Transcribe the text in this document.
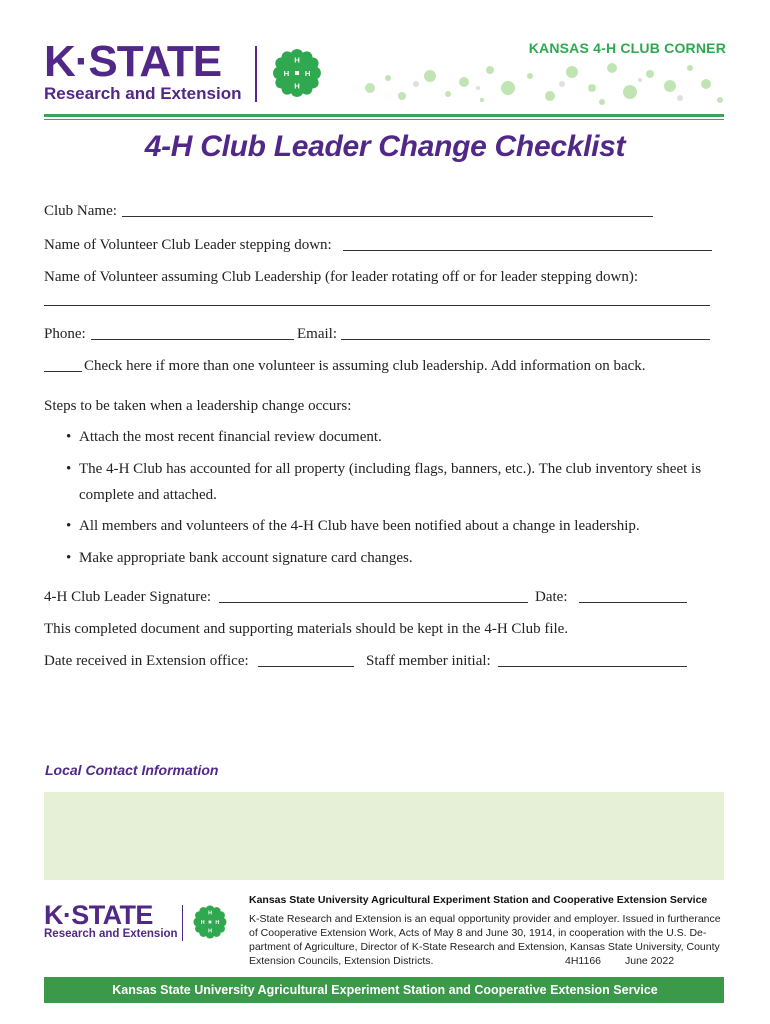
K·STATE
Research and Extension
H
H
H
H
KANSAS 4-H CLUB CORNER
4-H Club Leader Change Checklist
Club Name:
Name of Volunteer Club Leader stepping down:
Name of Volunteer assuming Club Leadership (for leader rotating off or for leader stepping down):
Phone:	Email:
Check here if more than one volunteer is assuming club leadership. Add information on back.
Steps to be taken when a leadership change occurs:
• Attach the most recent financial review document.
• The 4-H Club has accounted for all property (including flags, banners, etc.). The club inventory sheet is
complete and attached.
• All members and volunteers of the 4-H Club have been notified about a change in leadership.
• Make appropriate bank account signature card changes.
4-H Club Leader Signature:	Date:
This completed document and supporting materials should be kept in the 4-H Club file.
Date received in Extension office:	Staff member initial:
Local Contact Information
K·STATE
Research and Extension
H
H
H
H
Kansas State University Agricultural Experiment Station and Cooperative Extension Service
K-State Research and Extension is an equal opportunity provider and employer. Issued in furtherance
of Cooperative Extension Work, Acts of May 8 and June 30, 1914, in cooperation with the U.S. De-
partment of Agriculture, Director of K-State Research and Extension, Kansas State University, County
Extension Councils, Extension Districts.	4H1166 June 2022
Kansas State University Agricultural Experiment Station and Cooperative Extension Service
